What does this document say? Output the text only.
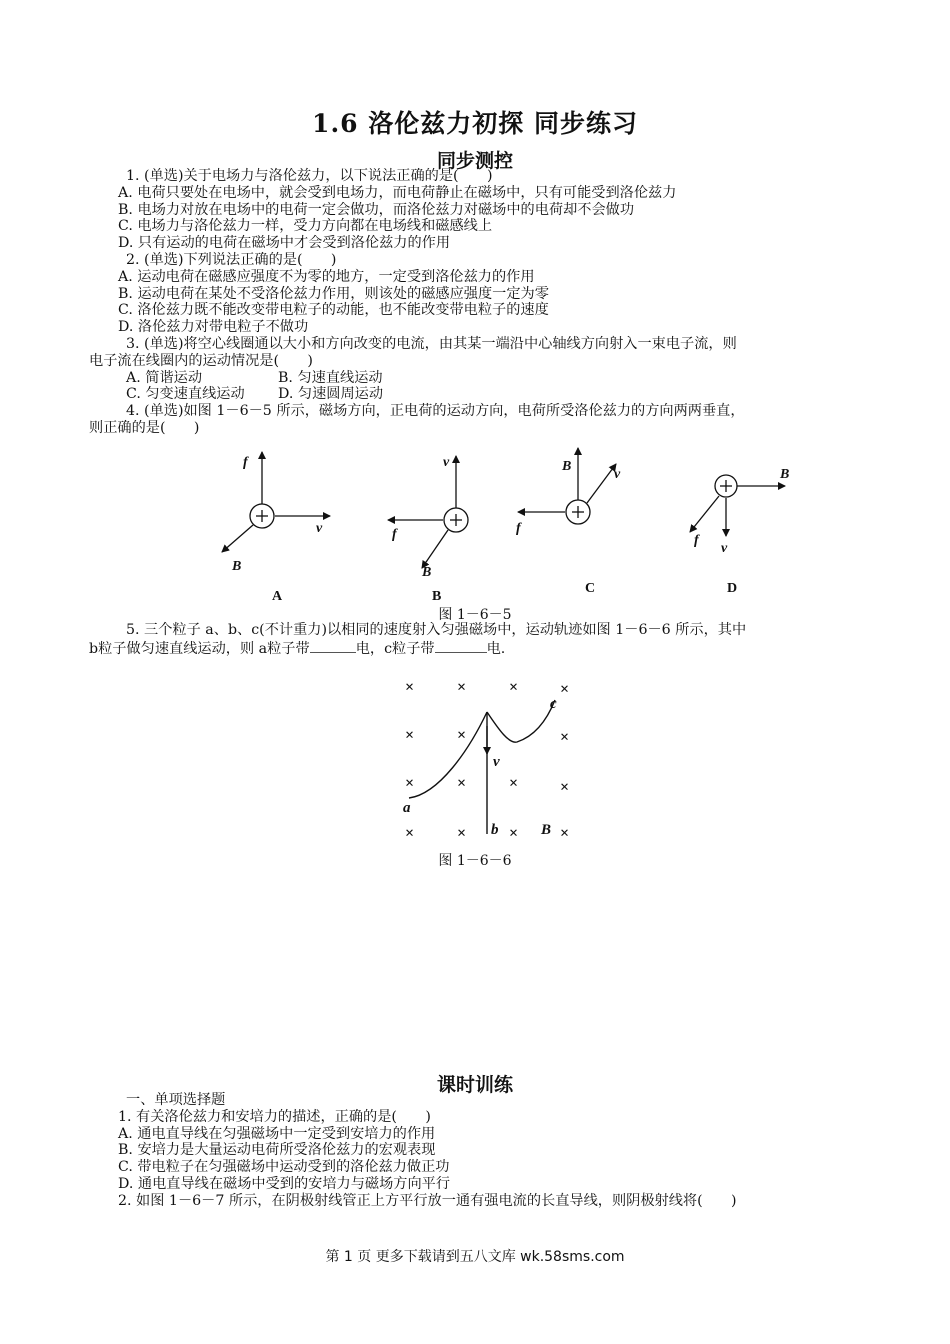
1.6 洛伦兹力初探 同步练习
同步测控
1. (单选)关于电场力与洛伦兹力，以下说法正确的是(　　)
A. 电荷只要处在电场中，就会受到电场力，而电荷静止在磁场中，只有可能受到洛伦兹力
B. 电场力对放在电场中的电荷一定会做功，而洛伦兹力对磁场中的电荷却不会做功
C. 电场力与洛伦兹力一样，受力方向都在电场线和磁感线上
D. 只有运动的电荷在磁场中才会受到洛伦兹力的作用
2. (单选)下列说法正确的是(　　)
A. 运动电荷在磁感应强度不为零的地方，一定受到洛伦兹力的作用
B. 运动电荷在某处不受洛伦兹力作用，则该处的磁感应强度一定为零
C. 洛伦兹力既不能改变带电粒子的动能，也不能改变带电粒子的速度
D. 洛伦兹力对带电粒子不做功
3. (单选)将空心线圈通以大小和方向改变的电流，由其某一端沿中心轴线方向射入一束电子流，则
电子流在线圈内的运动情况是(　　)
A. 简谐运动	B. 匀速直线运动
C. 匀变速直线运动 D. 匀速圆周运动
4. (单选)如图 1－6－5 所示，磁场方向，正电荷的运动方向，电荷所受洛伦兹力的方向两两垂直，
则正确的是(　　)
f
v
B
v
f
B
B
v
f
B
f
v
A	B
C	D
图 1－6－5
5. 三个粒子 a、b、c(不计重力)以相同的速度射入匀强磁场中，运动轨迹如图 1－6－6 所示，其中
b粒子做匀速直线运动，则 a粒子带	电，c粒子带	电.
×	×	×	×
×	×	×
×	×	×	×
×	×	×	×
a
b
c
v
B
图 1－6－6
课时训练
一、单项选择题
1. 有关洛伦兹力和安培力的描述，正确的是(　　)
A. 通电直导线在匀强磁场中一定受到安培力的作用
B. 安培力是大量运动电荷所受洛伦兹力的宏观表现
C. 带电粒子在匀强磁场中运动受到的洛伦兹力做正功
D. 通电直导线在磁场中受到的安培力与磁场方向平行
2. 如图 1－6－7 所示，在阴极射线管正上方平行放一通有强电流的长直导线，则阴极射线将(　　)
第 1 页 更多下载请到五八文库 wk.58sms.com
